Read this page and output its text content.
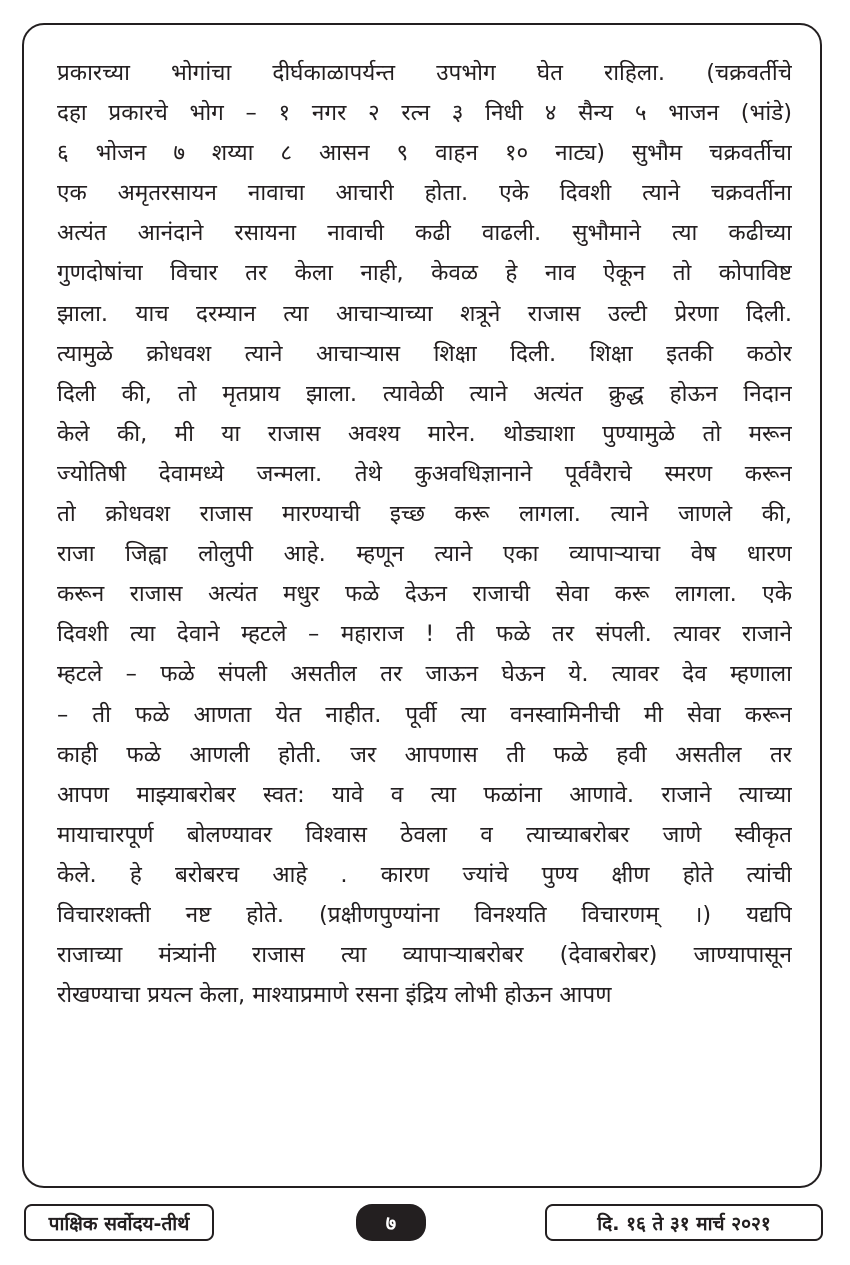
प्रकारच्या भोगांचा दीर्घकाळापर्यन्त उपभोग घेत राहिला. (चक्रवर्तीचे
दहा प्रकारचे भोग – १ नगर २ रत्न ३ निधी ४ सैन्य ५ भाजन (भांडे)
६ भोजन ७ शय्या ८ आसन ९ वाहन १० नाट्य) सुभौम चक्रवर्तीचा
एक अमृतरसायन नावाचा आचारी होता. एके दिवशी त्याने चक्रवर्तीना
अत्यंत आनंदाने रसायना नावाची कढी वाढली. सुभौमाने त्या कढीच्या
गुणदोषांचा विचार तर केला नाही, केवळ हे नाव ऐकून तो कोपाविष्ट
झाला. याच दरम्यान त्या आचाऱ्याच्या शत्रूने राजास उल्टी प्रेरणा दिली.
त्यामुळे क्रोधवश त्याने आचाऱ्यास शिक्षा दिली. शिक्षा इतकी कठोर
दिली की, तो मृतप्राय झाला. त्यावेळी त्याने अत्यंत क्रुद्ध होऊन निदान
केले की, मी या राजास अवश्य मारेन. थोड्याशा पुण्यामुळे तो मरून
ज्योतिषी देवामध्ये जन्मला. तेथे कुअवधिज्ञानाने पूर्ववैराचे स्मरण करून
तो क्रोधवश राजास मारण्याची इच्छ करू लागला. त्याने जाणले की,
राजा जिह्वा लोलुपी आहे. म्हणून त्याने एका व्यापाऱ्याचा वेष धारण
करून राजास अत्यंत मधुर फळे देऊन राजाची सेवा करू लागला. एके
दिवशी त्या देवाने म्हटले – महाराज ! ती फळे तर संपली. त्यावर राजाने
म्हटले – फळे संपली असतील तर जाऊन घेऊन ये. त्यावर देव म्हणाला
– ती फळे आणता येत नाहीत. पूर्वी त्या वनस्वामिनीची मी सेवा करून
काही फळे आणली होती. जर आपणास ती फळे हवी असतील तर
आपण माझ्याबरोबर स्वत: यावे व त्या फळांना आणावे. राजाने त्याच्या
मायाचारपूर्ण बोलण्यावर विश्वास ठेवला व त्याच्याबरोबर जाणे स्वीकृत
केले. हे बरोबरच आहे . कारण ज्यांचे पुण्य क्षीण होते त्यांची
विचारशक्ती नष्ट होते. (प्रक्षीणपुण्यांना विनश्यति विचारणम् ।) यद्यपि
राजाच्या मंत्र्यांनी राजास त्या व्यापाऱ्याबरोबर (देवाबरोबर) जाण्यापासून
रोखण्याचा प्रयत्न केला, माश्याप्रमाणे रसना इंद्रिय लोभी होऊन आपण
पाक्षिक सर्वोदय-तीर्थ	७	दि. १६ ते ३१ मार्च २०२१
